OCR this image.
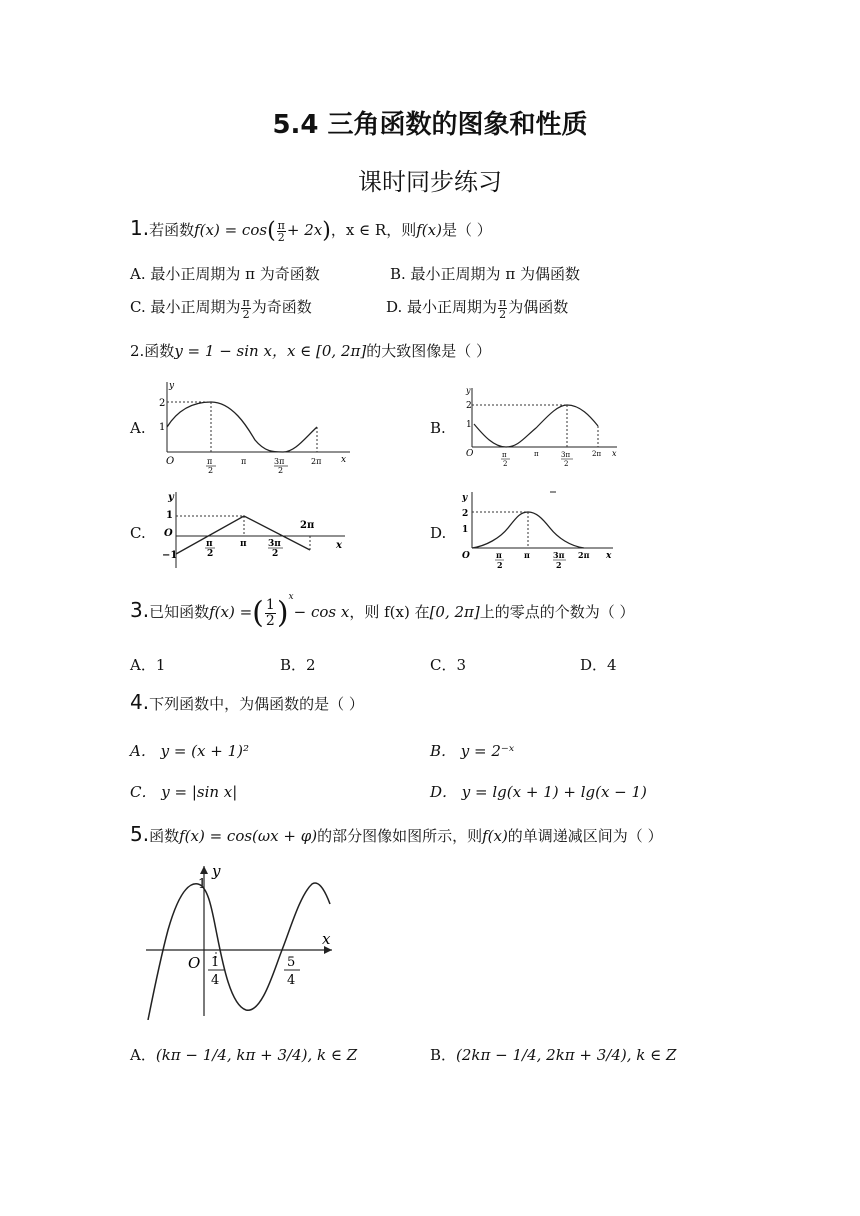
5.4 三角函数的图象和性质
课时同步练习
1.若函数$f(x) = \cos( \frac{\pi}{2} + 2x)$，x ∈ R，则f(x)是（ ）
A. 最小正周期为 π 为奇函数	B. 最小正周期为 π 为偶函数
C. 最小正周期为 $\frac{\pi}{2}$ 为奇函数	D. 最小正周期为 $\frac{\pi}{2}$ 为偶函数
2.函数y = 1 − sin x，x ∈ [0, 2π]的大致图像是（ ）
A.	B.
C.	D.
y
x
O
2
1
π
2
π	3π
2
2π
y
x
O
2
1
π
2
π	3π
2
2π
y
x
O
1
−1
2π
π
2
π 3π
2
y
x
O
2
1
π
2
π	3π
2
2π
3.已知函数f(x) =( $\frac{1}{2} )^x- \cos x$，则 f(x) 在[0, 2π]上的零点的个数为（ ）
A．1	B．2	C．3	D．4
4.下列函数中，为偶函数的是（ ）
A． y = (x + 1)²	B． y = 2⁻ˣ
C． y = |sin x|	D． y = lg(x + 1) + lg(x − 1)
5.函数f(x) = cos(ωx + φ)的部分图像如图所示，则f(x)的单调递减区间为（ ）
y
x
O
1
1
4
5
4
A．(kπ − 1/4, kπ + 3/4), k ∈ Z	B．(2kπ − 1/4, 2kπ + 3/4), k ∈ Z
